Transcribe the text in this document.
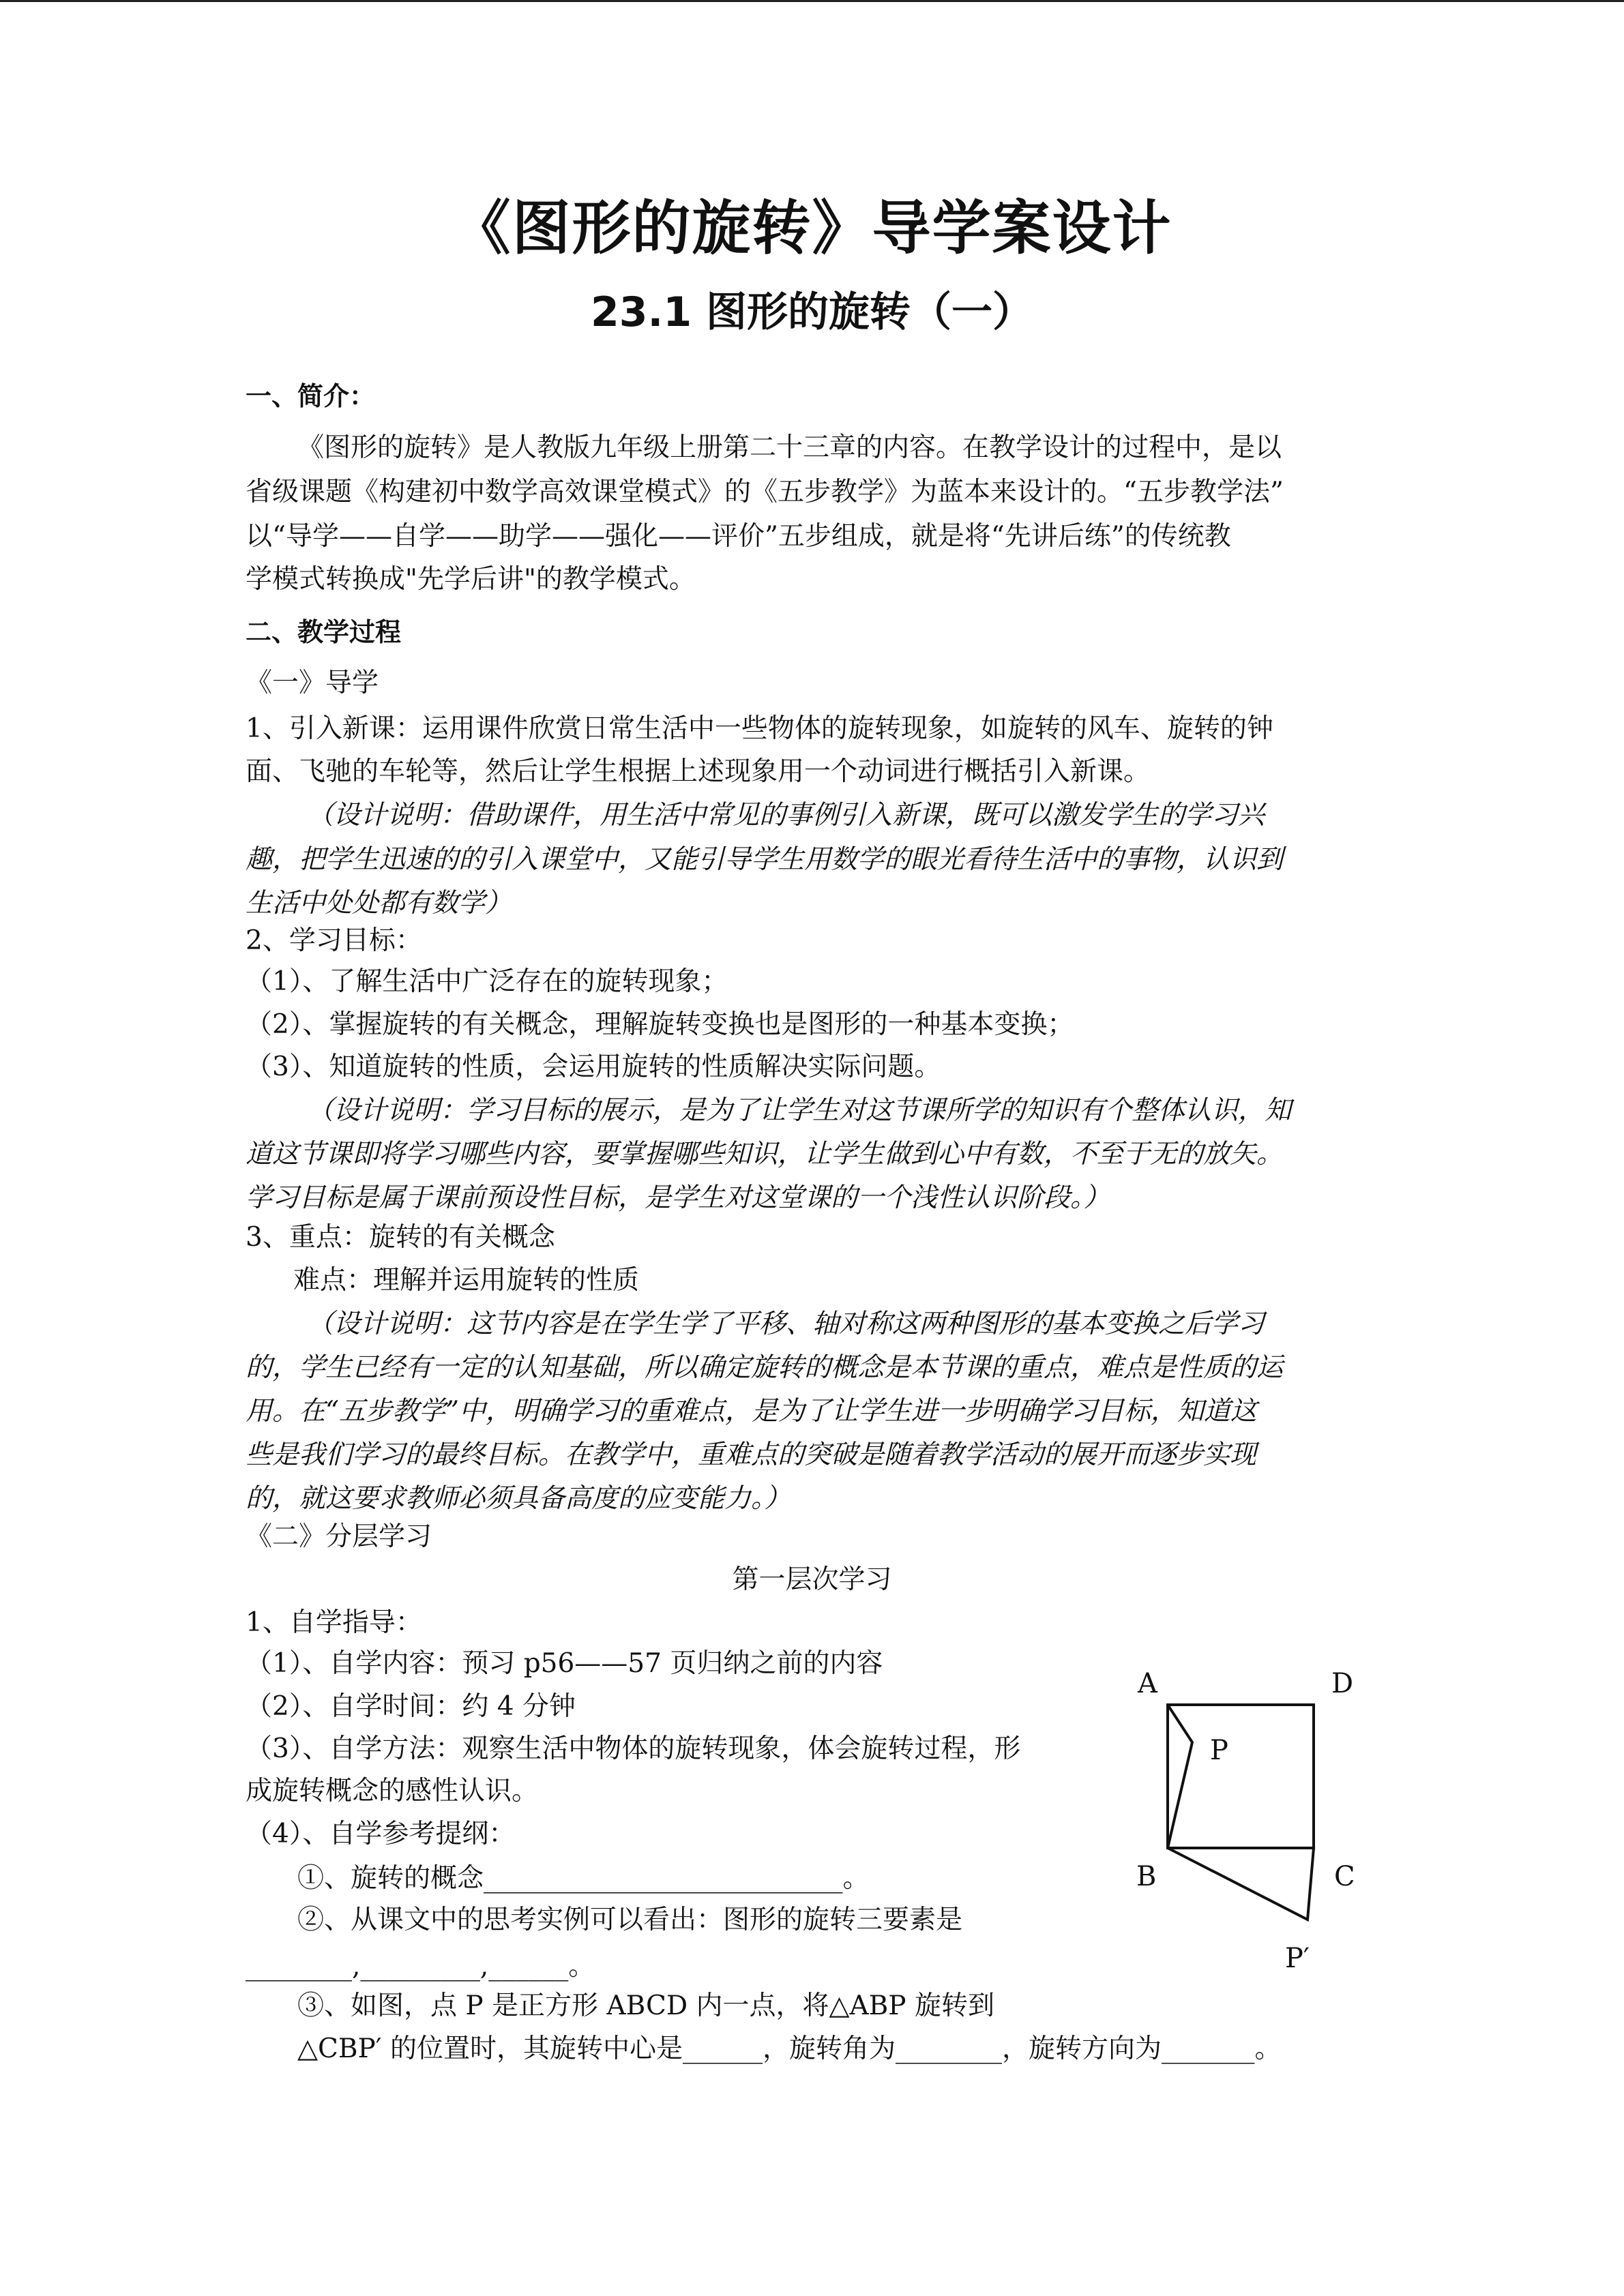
《图形的旋转》导学案设计
23.1 图形的旋转（一）
一、简介：
《图形的旋转》是人教版九年级上册第二十三章的内容。在教学设计的过程中，是以
省级课题《构建初中数学高效课堂模式》的《五步教学》为蓝本来设计的。“五步教学法”
以“导学——自学——助学——强化——评价”五步组成，就是将“先讲后练”的传统教
学模式转换成"先学后讲"的教学模式。
二、教学过程
《一》导学
1、引入新课：运用课件欣赏日常生活中一些物体的旋转现象，如旋转的风车、旋转的钟
面、飞驰的车轮等，然后让学生根据上述现象用一个动词进行概括引入新课。
（设计说明：借助课件，用生活中常见的事例引入新课，既可以激发学生的学习兴
趣，把学生迅速的的引入课堂中，又能引导学生用数学的眼光看待生活中的事物，认识到
生活中处处都有数学）
2、学习目标：
（1）、了解生活中广泛存在的旋转现象；
（2）、掌握旋转的有关概念，理解旋转变换也是图形的一种基本变换；
（3）、知道旋转的性质，会运用旋转的性质解决实际问题。
（设计说明：学习目标的展示，是为了让学生对这节课所学的知识有个整体认识，知
道这节课即将学习哪些内容，要掌握哪些知识，让学生做到心中有数，不至于无的放矢。
学习目标是属于课前预设性目标，是学生对这堂课的一个浅性认识阶段。）
3、重点：旋转的有关概念
难点：理解并运用旋转的性质
（设计说明：这节内容是在学生学了平移、轴对称这两种图形的基本变换之后学习
的，学生已经有一定的认知基础，所以确定旋转的概念是本节课的重点，难点是性质的运
用。在“五步教学”中，明确学习的重难点，是为了让学生进一步明确学习目标，知道这
些是我们学习的最终目标。在教学中，重难点的突破是随着教学活动的展开而逐步实现
的，就这要求教师必须具备高度的应变能力。）
《二》分层学习
第一层次学习
1、自学指导：
（1）、自学内容：预习 p56——57 页归纳之前的内容
（2）、自学时间：约 4 分钟
（3）、自学方法：观察生活中物体的旋转现象，体会旋转过程，形
成旋转概念的感性认识。
（4）、自学参考提纲：
①、旋转的概念___________________________。
②、从课文中的思考实例可以看出：图形的旋转三要素是
________,_________,______。
③、如图，点 P 是正方形 ABCD 内一点，将△ABP 旋转到
△CBP′ 的位置时，其旋转中心是______，旋转角为________，旋转方向为_______。
A	D
P
B	C
P′
